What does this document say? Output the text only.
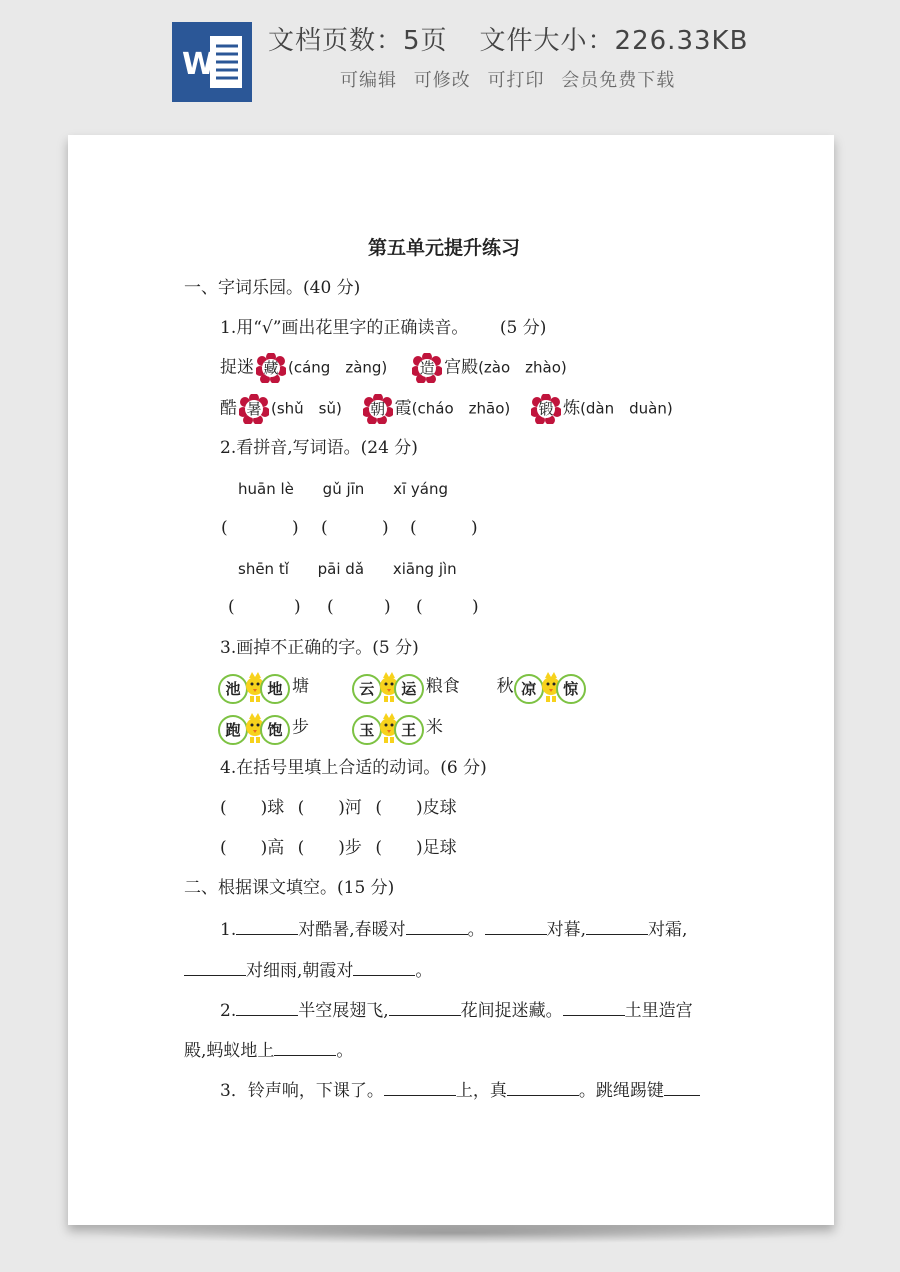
W
文档页数：5页 文件大小：226.33KB
可编辑 可修改 可打印 会员免费下载
第五单元提升练习
一、字词乐园。(40 分)
1.用“√”画出花里字的正确读音。 (5 分)
捉迷 藏 (cáng　zàng)	造 宫殿(zào　zhào)
酷 暑 (shǔ　sǔ)	朝 霞(cháo　zhāo)	锻 炼(dàn　duàn)
2.看拼音,写词语。(24 分)
huān lè gǔ jīn xī yáng
(	) (	) (	)
shēn tǐ pāi dǎ xiāng jìn
(	) (	) (	)
3.画掉不正确的字。(5 分)
池	地 塘	云	运 粮食 秋 凉	惊
跑	饱 步	玉	王 米
4.在括号里填上合适的动词。(6 分)
(　　)球 (　　)河 (　　)皮球
(　　)高 (　　)步 (　　)足球
二、根据课文填空。(15 分)
1.	对酷暑,春暖对	。	对暮,	对霜,
对细雨,朝霞对	。
2.	半空展翅飞,	花间捉迷藏。	土里造宫
殿,蚂蚁地上	。
3．铃声响，下课了。	上，真	。跳绳踢键
